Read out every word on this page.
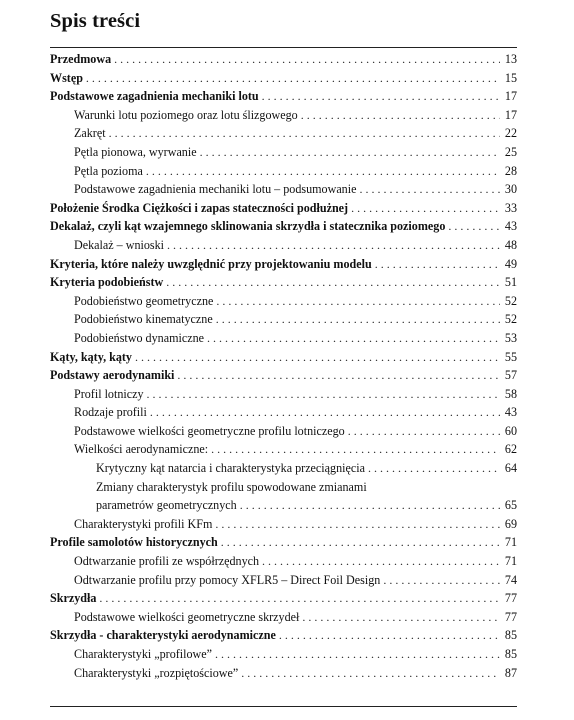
Spis treści
Przedmowa . . .	13
Wstęp . . .	15
Podstawowe zagadnienia mechaniki lotu . . .	17
Warunki lotu poziomego oraz lotu ślizgowego . . .	17
Zakręt . . .	22
Pętla pionowa, wyrwanie . . .	25
Pętla pozioma . . .	28
Podstawowe zagadnienia mechaniki lotu – podsumowanie . . .	30
Położenie Środka Ciężkości i zapas stateczności podłużnej . . .	33
Dekalaż, czyli kąt wzajemnego sklinowania skrzydła i statecznika poziomego . . .	43
Dekalaż – wnioski . . .	48
Kryteria, które należy uwzględnić przy projektowaniu modelu . . .	49
Kryteria podobieństw . . .	51
Podobieństwo geometryczne . . .	52
Podobieństwo kinematyczne . . .	52
Podobieństwo dynamiczne . . .	53
Kąty, kąty, kąty . . .	55
Podstawy aerodynamiki . . .	57
Profil lotniczy . . .	58
Rodzaje profili . . .	43
Podstawowe wielkości geometryczne profilu lotniczego . . .	60
Wielkości aerodynamiczne: . . .	62
Krytyczny kąt natarcia i charakterystyka przeciągnięcia . . .	64
Zmiany charakterystyk profilu spowodowane zmianami
parametrów geometrycznych . . .	65
Charakterystyki profili KFm . . .	69
Profile samolotów historycznych . . .	71
Odtwarzanie profili ze współrzędnych . . .	71
Odtwarzanie profilu przy pomocy XFLR5 – Direct Foil Design . . .	74
Skrzydła . . .	77
Podstawowe wielkości geometryczne skrzydeł . . .	77
Skrzydła - charakterystyki aerodynamiczne . . .	85
Charakterystyki „profilowe” . . .	85
Charakterystyki „rozpiętościowe” . . .	87
